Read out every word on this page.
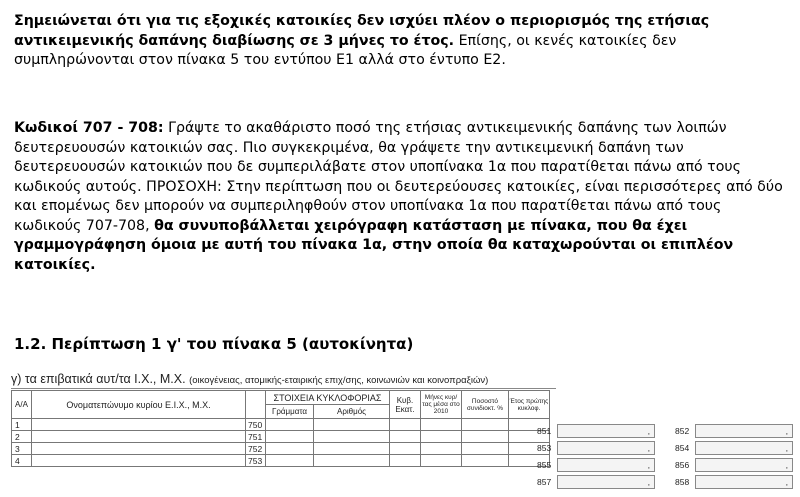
Σημειώνεται ότι για τις εξοχικές κατοικίες δεν ισχύει πλέον ο περιορισμός της ετήσιας αντικειμενικής δαπάνης διαβίωσης σε 3 μήνες το έτος. Επίσης, οι κενές κατοικίες δεν συμπληρώνονται στον πίνακα 5 του εντύπου Ε1 αλλά στο έντυπο Ε2.

Κωδικοί 707 - 708: Γράψτε το ακαθάριστο ποσό της ετήσιας αντικειμενικής δαπάνης των λοιπών δευτερευουσών κατοικιών σας. Πιο συγκεκριμένα, θα γράψετε την αντικειμενική δαπάνη των δευτερευουσών κατοικιών που δε συμπεριλάβατε στον υποπίνακα 1α που παρατίθεται πάνω από τους κωδικούς αυτούς. ΠΡΟΣΟΧΗ: Στην περίπτωση που οι δευτερεύουσες κατοικίες, είναι περισσότερες από δύο και επομένως δεν μπορούν να συμπεριληφθούν στον υποπίνακα 1α που παρατίθεται πάνω από τους κωδικούς 707-708, θα συνυποβάλλεται χειρόγραφη κατάσταση με πίνακα, που θα έχει γραμμογράφηση όμοια με αυτή του πίνακα 1α, στην οποία θα καταχωρούνται οι επιπλέον κατοικίες.

1.2. Περίπτωση 1 γ' του πίνακα 5 (αυτοκίνητα)
γ) τα επιβατικά αυτ/τα Ι.Χ., Μ.Χ. (οικογένειας, ατομικής-εταιρικής επιχ/σης, κοινωνιών και κοινοπραξιών)
Α/Α	Ονοματεπώνυμο κυρίου Ε.Ι.Χ., Μ.Χ.		ΣΤΟΙΧΕΙΑ ΚΥΚΛΟΦΟΡΙΑΣ		Κυβ. Εκατ.	Μήνες κυρ/τας μέσα στο 2010	Ποσοστό συνιδιοκτ. %	Έτος πρώτης κυκλοφ.
			Γράμματα	Αριθμός				
1		750						
2		751						
3		752						
4		753						
851	,	852	,
853	,	854	,
855	,	856	,
857	,	858	,
